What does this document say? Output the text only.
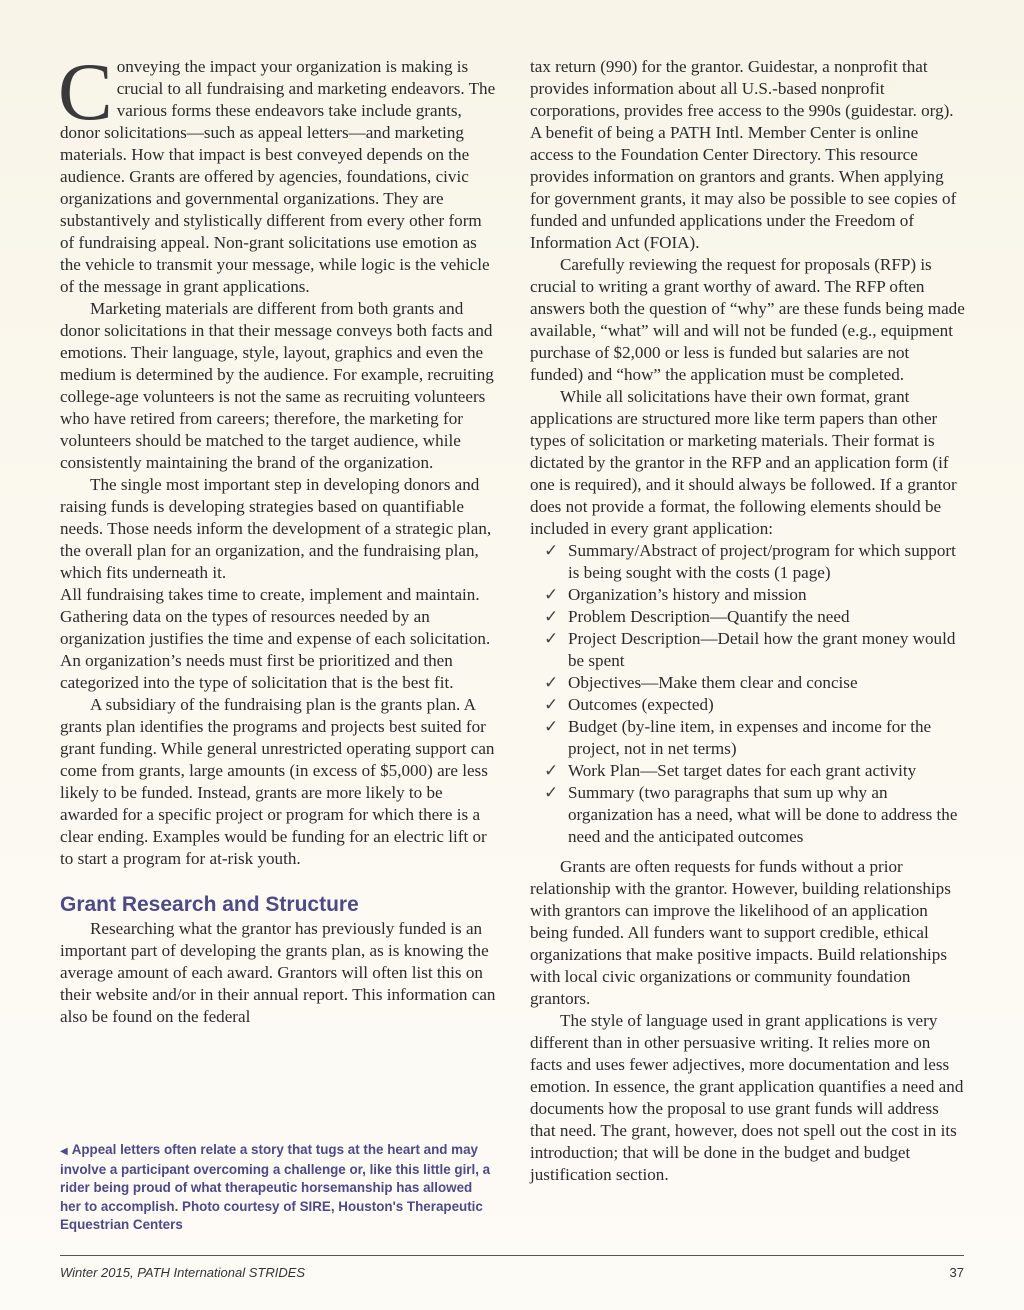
Conveying the impact your organization is making is crucial to all fundraising and marketing endeavors. The various forms these endeavors take include grants, donor solicitations—such as appeal letters—and marketing materials. How that impact is best conveyed depends on the audience. Grants are offered by agencies, foundations, civic organizations and governmental organizations. They are substantively and stylistically different from every other form of fundraising appeal. Non-grant solicitations use emotion as the vehicle to transmit your message, while logic is the vehicle of the message in grant applications.

Marketing materials are different from both grants and donor solicitations in that their message conveys both facts and emotions. Their language, style, layout, graphics and even the medium is determined by the audience. For example, recruiting college-age volunteers is not the same as recruiting volunteers who have retired from careers; therefore, the marketing for volunteers should be matched to the target audience, while consistently maintaining the brand of the organization.

The single most important step in developing donors and raising funds is developing strategies based on quantifiable needs. Those needs inform the development of a strategic plan, the overall plan for an organization, and the fundraising plan, which fits underneath it.

All fundraising takes time to create, implement and maintain. Gathering data on the types of resources needed by an organization justifies the time and expense of each solicitation. An organization’s needs must first be prioritized and then categorized into the type of solicitation that is the best fit.

A subsidiary of the fundraising plan is the grants plan. A grants plan identifies the programs and projects best suited for grant funding. While general unrestricted operating support can come from grants, large amounts (in excess of $5,000) are less likely to be funded. Instead, grants are more likely to be awarded for a specific project or program for which there is a clear ending. Examples would be funding for an electric lift or to start a program for at-risk youth.

Grant Research and Structure

Researching what the grantor has previously funded is an important part of developing the grants plan, as is knowing the average amount of each award. Grantors will often list this on their website and/or in their annual report. This information can also be found on the federal

tax return (990) for the grantor. Guidestar, a nonprofit that provides information about all U.S.-based nonprofit corporations, provides free access to the 990s (guidestar. org). A benefit of being a PATH Intl. Member Center is online access to the Foundation Center Directory. This resource provides information on grantors and grants. When applying for government grants, it may also be possible to see copies of funded and unfunded applications under the Freedom of Information Act (FOIA).

Carefully reviewing the request for proposals (RFP) is crucial to writing a grant worthy of award. The RFP often answers both the question of “why” are these funds being made available, “what” will and will not be funded (e.g., equipment purchase of $2,000 or less is funded but salaries are not funded) and “how” the application must be completed.

While all solicitations have their own format, grant applications are structured more like term papers than other types of solicitation or marketing materials. Their format is dictated by the grantor in the RFP and an application form (if one is required), and it should always be followed. If a grantor does not provide a format, the following elements should be included in every grant application:

✓ Summary/Abstract of project/program for which support is being sought with the costs (1 page)
✓ Organization’s history and mission
✓ Problem Description—Quantify the need
✓ Project Description—Detail how the grant money would be spent
✓ Objectives—Make them clear and concise
✓ Outcomes (expected)
✓ Budget (by-line item, in expenses and income for the project, not in net terms)
✓ Work Plan—Set target dates for each grant activity
✓ Summary (two paragraphs that sum up why an organization has a need, what will be done to address the need and the anticipated outcomes

Grants are often requests for funds without a prior relationship with the grantor. However, building relationships with grantors can improve the likelihood of an application being funded. All funders want to support credible, ethical organizations that make positive impacts. Build relationships with local civic organizations or community foundation grantors.

The style of language used in grant applications is very different than in other persuasive writing. It relies more on facts and uses fewer adjectives, more documentation and less emotion. In essence, the grant application quantifies a need and documents how the proposal to use grant funds will address that need. The grant, however, does not spell out the cost in its introduction; that will be done in the budget and budget justification section.

◀ Appeal letters often relate a story that tugs at the heart and may involve a participant overcoming a challenge or, like this little girl, a rider being proud of what therapeutic horsemanship has allowed her to accomplish. Photo courtesy of SIRE, Houston's Therapeutic Equestrian Centers
Winter 2015, PATH International STRIDES	37
